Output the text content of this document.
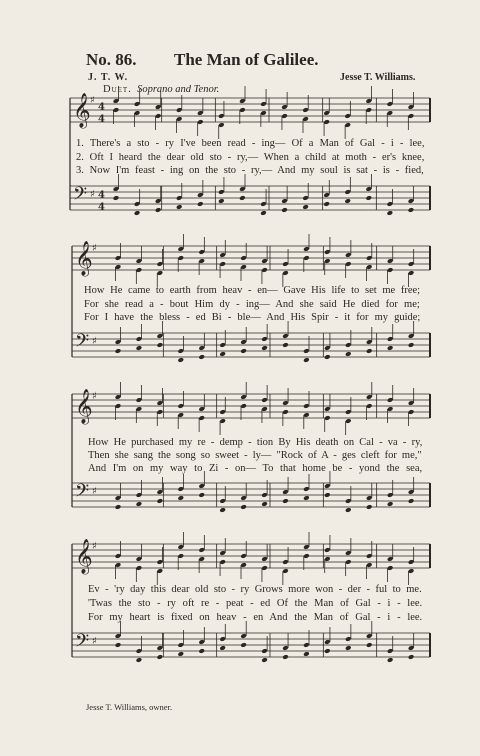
𝄞 ♯
4
4
𝄢 ♯ 4
4
𝄞 ♯
𝄢 ♯
𝄞 ♯
𝄢 ♯
𝄞 ♯
𝄢 ♯
No. 86. The Man of Galilee.
J. T. W.	Jesse T. Williams.
Duet. Soprano and Tenor.
1. There's a sto - ry I've been read - ing— Of a Man of Gal - i - lee,
2. Oft I heard the dear old sto - ry,— When a child at moth - er's knee,
3. Now I'm feast - ing on the sto - ry,— And my soul is sat - is - fied,
How He came to earth from heav - en— Gave His life to set me free;
For she read a - bout Him dy - ing— And she said He died for me;
For I have the bless - ed Bi - ble— And His Spir - it for my guide;
How He purchased my re - demp - tion By His death on Cal - va - ry,
Then she sang the song so sweet - ly— "Rock of A - ges cleft for me,"
And I'm on my way to Zi - on— To that home be - yond the sea,
Ev - 'ry day this dear old sto - ry Grows more won - der - ful to me.
'Twas the sto - ry oft re - peat - ed Of the Man of Gal - i - lee.
For my heart is fixed on heav - en And the Man of Gal - i - lee.
Jesse T. Williams, owner.
